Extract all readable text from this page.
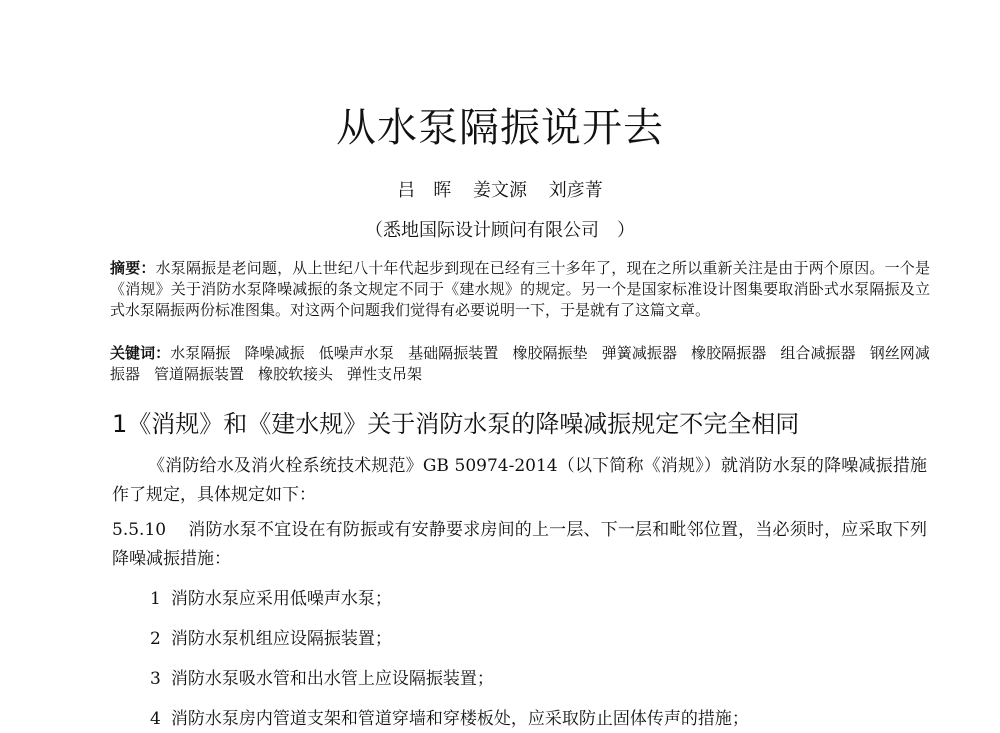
从水泵隔振说开去
吕　晖 姜文源 刘彦菁
（悉地国际设计顾问有限公司　）
摘要：水泵隔振是老问题，从上世纪八十年代起步到现在已经有三十多年了，现在之所以重新关注是由于两个原因。一个是《消规》关于消防水泵降噪减振的条文规定不同于《建水规》的规定。另一个是国家标准设计图集要取消卧式水泵隔振及立式水泵隔振两份标准图集。对这两个问题我们觉得有必要说明一下，于是就有了这篇文章。
关键词：水泵隔振 降噪减振 低噪声水泵 基础隔振装置 橡胶隔振垫 弹簧减振器 橡胶隔振器 组合减振器 钢丝网减振器 管道隔振装置 橡胶软接头 弹性支吊架
1《消规》和《建水规》关于消防水泵的降噪减振规定不完全相同
《消防给水及消火栓系统技术规范》GB 50974-2014（以下简称《消规》）就消防水泵的降噪减振措施作了规定，具体规定如下：
5.5.10 消防水泵不宜设在有防振或有安静要求房间的上一层、下一层和毗邻位置，当必须时，应采取下列降噪减振措施：
1 消防水泵应采用低噪声水泵；
2 消防水泵机组应设隔振装置；
3 消防水泵吸水管和出水管上应设隔振装置；
4 消防水泵房内管道支架和管道穿墙和穿楼板处，应采取防止固体传声的措施；
